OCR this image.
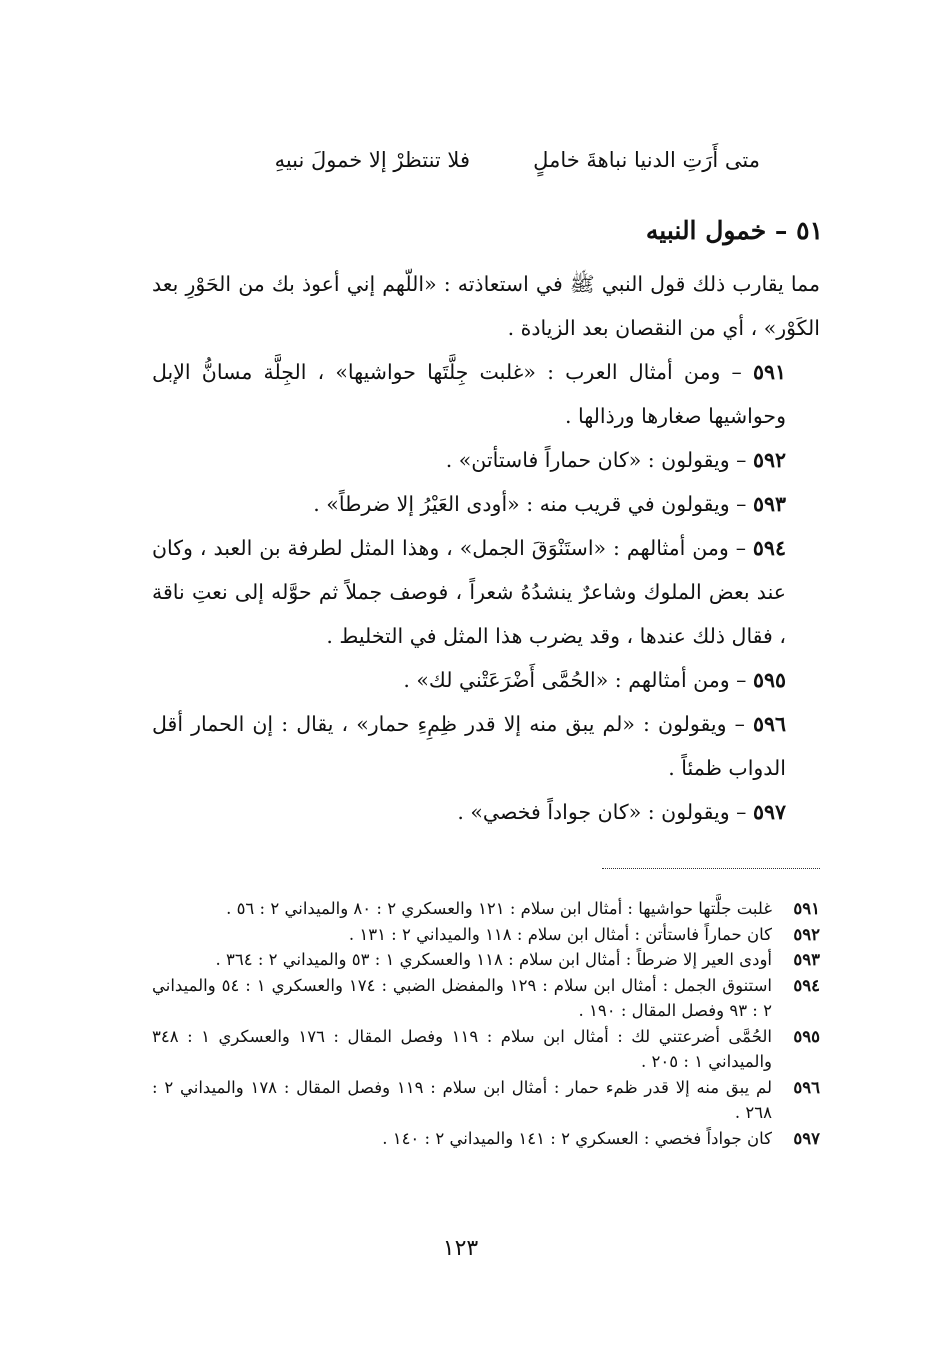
متى أَرَتِ الدنيا نباهةَ خاملٍ
فلا تنتظرْ إلا خمولَ نبيهِ
٥١ – خمول النبيه

مما يقارب ذلك قول النبي ﷺ في استعاذته : «اللّهم إني أعوذ بك من الحَوْرِ بعد الكَوْر» ، أي من النقصان بعد الزيادة .

٥٩١ – ومن أمثال العرب : «غلبت جِلَّتَها حواشيها» ، الجِلَّة مسانُّ الإبل وحواشيها صغارها ورذالها .

٥٩٢ – ويقولون : «كان حماراً فاستأتن» .

٥٩٣ – ويقولون في قريب منه : «أودى العَيْرُ إلا ضرطاً» .

٥٩٤ – ومن أمثالهم : «استَنْوَقَ الجمل» ، وهذا المثل لطرفة بن العبد ، وكان عند بعض الملوك وشاعرٌ ينشدُهُ شعراً ، فوصف جملاً ثم حوَّله إلى نعتِ ناقة ، فقال ذلك عندها ، وقد يضرب هذا المثل في التخليط .

٥٩٥ – ومن أمثالهم : «الحُمَّى أَضْرَعَتْني لك» .

٥٩٦ – ويقولون : «لم يبق منه إلا قدر ظِمِءِ حمار» ، يقال : إن الحمار أقل الدواب ظمئاً .

٥٩٧ – ويقولون : «كان جواداً فخصي» .

٥٩١
غلبت جلَّتها حواشيها : أمثال ابن سلام : ١٢١ والعسكري ٢ : ٨٠ والميداني ٢ : ٥٦ .
٥٩٢
كان حماراً فاستأتن : أمثال ابن سلام : ١١٨ والميداني ٢ : ١٣١ .
٥٩٣
أودى العير إلا ضرطاً : أمثال ابن سلام : ١١٨ والعسكري ١ : ٥٣ والميداني ٢ : ٣٦٤ .
٥٩٤
استنوق الجمل : أمثال ابن سلام : ١٢٩ والمفضل الضبي : ١٧٤ والعسكري ١ : ٥٤ والميداني ٢ : ٩٣ وفصل المقال : ١٩٠ .
٥٩٥
الحُمَّى أضرعتني لك : أمثال ابن سلام : ١١٩ وفصل المقال : ١٧٦ والعسكري ١ : ٣٤٨ والميداني ١ : ٢٠٥ .
٥٩٦
لم يبق منه إلا قدر ظمء حمار : أمثال ابن سلام : ١١٩ وفصل المقال : ١٧٨ والميداني ٢ : ٢٦٨ .
٥٩٧
كان جواداً فخصي : العسكري ٢ : ١٤١ والميداني ٢ : ١٤٠ .
١٢٣
